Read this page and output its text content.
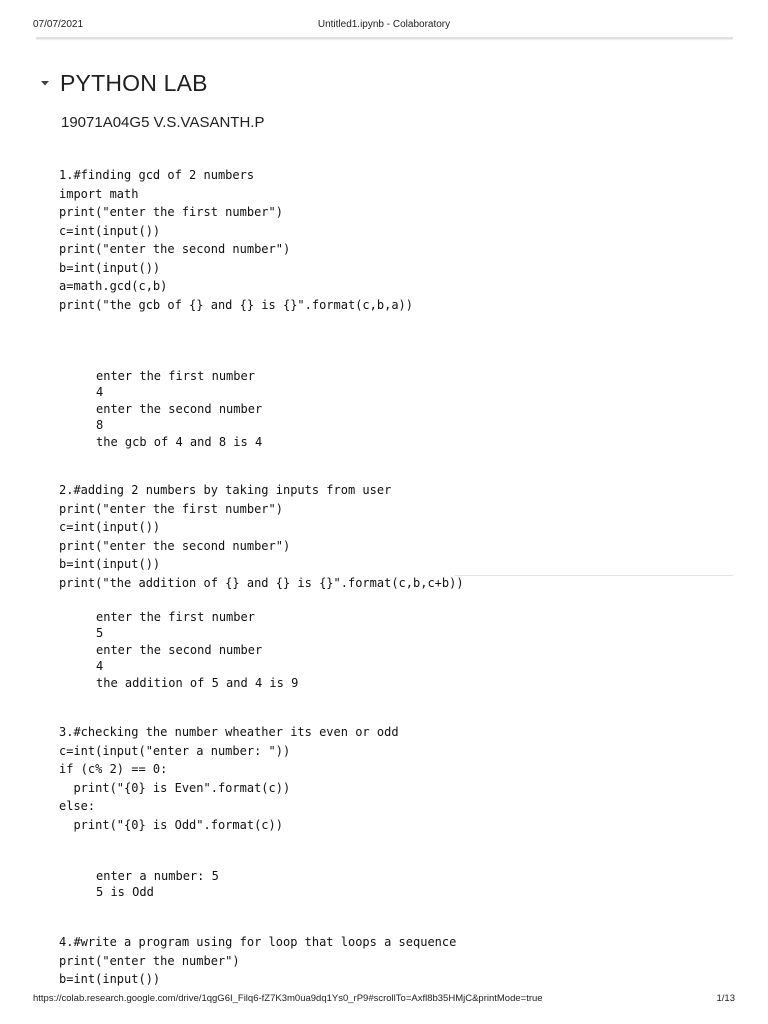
07/07/2021	Untitled1.ipynb - Colaboratory
PYTHON LAB
19071A04G5 V.S.VASANTH.P
1.#finding gcd of 2 numbers
import math
print("enter the first number")
c=int(input())
print("enter the second number")
b=int(input())
a=math.gcd(c,b)
print("the gcb of {} and {} is {}".format(c,b,a))
enter the first number
4
enter the second number
8
the gcb of 4 and 8 is 4
2.#adding 2 numbers by taking inputs from user
print("enter the first number")
c=int(input())
print("enter the second number")
b=int(input())
print("the addition of {} and {} is {}".format(c,b,c+b))
enter the first number
5
enter the second number
4
the addition of 5 and 4 is 9
3.#checking the number wheather its even or odd
c=int(input("enter a number: "))
if (c% 2) == 0:
print("{0} is Even".format(c))
else:
print("{0} is Odd".format(c))
enter a number: 5
5 is Odd
4.#write a program using for loop that loops a sequence
print("enter the number")
b=int(input())
https://colab.research.google.com/drive/1qgG6I_Filq6-fZ7K3m0ua9dq1Ys0_rP9#scrollTo=Axfl8b35HMjC&printMode=true	1/13
